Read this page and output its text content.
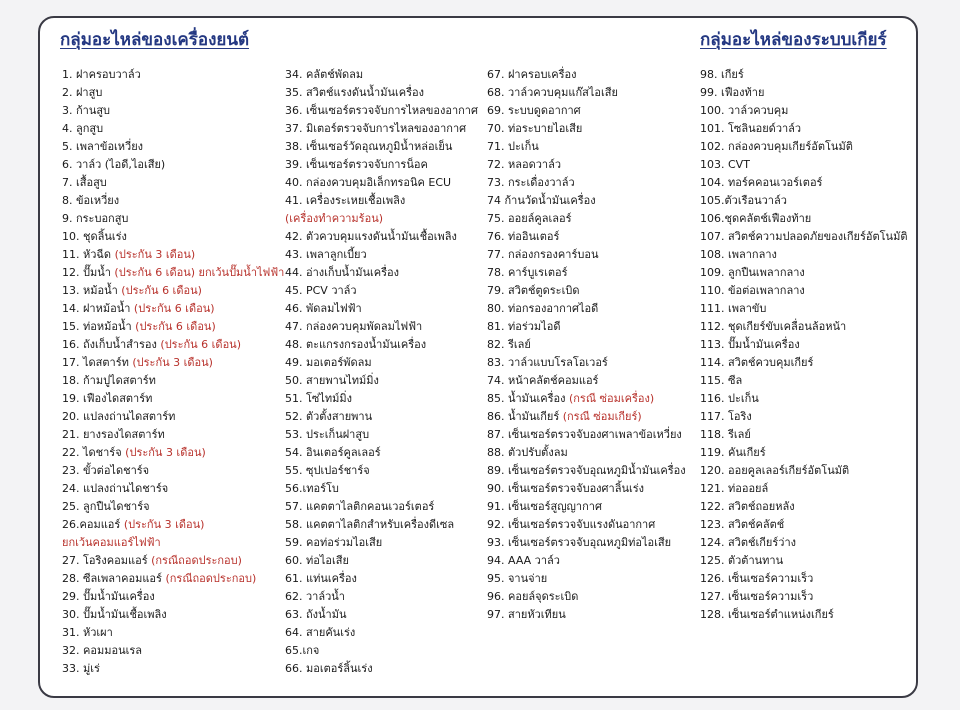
กลุ่มอะไหล่ของเครื่องยนต์	กลุ่มอะไหล่ของระบบเกียร์
1. ฝาครอบวาล์ว
2. ฝาสูบ
3. ก้านสูบ
4. ลูกสูบ
5. เพลาข้อเหวี่ยง
6. วาล์ว (ไอดี,ไอเสีย)
7. เสื้อสูบ
8. ข้อเหวี่ยง
9. กระบอกสูบ
10. ชุดลิ้นเร่ง
11. หัวฉีด (ประกัน 3 เดือน)
12. ปั๊มน้ำ (ประกัน 6 เดือน) ยกเว้นปั๊มน้ำไฟฟ้า
13. หม้อน้ำ (ประกัน 6 เดือน)
14. ฝาหม้อน้ำ (ประกัน 6 เดือน)
15. ท่อหม้อน้ำ (ประกัน 6 เดือน)
16. ถังเก็บน้ำสำรอง (ประกัน 6 เดือน)
17. ไดสตาร์ท (ประกัน 3 เดือน)
18. ก้ามปูไดสตาร์ท
19. เฟืองไดสตาร์ท
20. แปลงถ่านไดสตาร์ท
21. ยางรองไดสตาร์ท
22. ไดชาร์จ (ประกัน 3 เดือน)
23. ขั้วต่อไดชาร์จ
24. แปลงถ่านไดชาร์จ
25. ลูกปืนไดชาร์จ
26.คอมแอร์ (ประกัน 3 เดือน)
ยกเว้นคอมแอร์ไฟฟ้า
27. โอริงคอมแอร์ (กรณีถอดประกอบ)
28. ซีลเพลาคอมแอร์ (กรณีถอดประกอบ)
29. ปั๊มน้ำมันเครื่อง
30. ปั๊มน้ำมันเชื้อเพลิง
31. หัวเผา
32. คอมมอนเรล
33. มู่เร่
34. คลัตช์พัดลม
35. สวิตช์แรงดันน้ำมันเครื่อง
36. เซ็นเซอร์ตรวจจับการไหลของอากาศ
37. มิเตอร์ตรวจจับการไหลของอากาศ
38. เซ็นเซอร์วัดอุณหภูมิน้ำหล่อเย็น
39. เซ็นเซอร์ตรวจจับการน็อค
40. กล่องควบคุมอิเล็กทรอนิค ECU
41. เครื่องระเหยเชื้อเพลิง
(เครื่องทำความร้อน)
42. ตัวควบคุมแรงดันน้ำมันเชื้อเพลิง
43. เพลาลูกเบี้ยว
44. อ่างเก็บน้ำมันเครื่อง
45. PCV วาล์ว
46. พัดลมไฟฟ้า
47. กล่องควบคุมพัดลมไฟฟ้า
48. ตะแกรงกรองน้ำมันเครื่อง
49. มอเตอร์พัดลม
50. สายพานไทม์มิ่ง
51. โซ่ไทม์มิ่ง
52. ตัวตั้งสายพาน
53. ประเก็นฝาสูบ
54. อินเตอร์คูลเลอร์
55. ซุปเปอร์ชาร์จ
56.เทอร์โบ
57. แคตตาไลติกคอนเวอร์เตอร์
58. แคตตาไลติกสำหรับเครื่องดีเซล
59. คอท่อร่วมไอเสีย
60. ท่อไอเสีย
61. แท่นเครื่อง
62. วาล์วน้ำ
63. ถังน้ำมัน
64. สายคันเร่ง
65.เกจ
66. มอเตอร์ลิ้นเร่ง
67. ฝาครอบเครื่อง
68. วาล์วควบคุมแก๊สไอเสีย
69. ระบบดูดอากาศ
70. ท่อระบายไอเสีย
71. ปะเก็น
72. หลอดวาล์ว
73. กระเดื่องวาล์ว
74 ก้านวัดน้ำมันเครื่อง
75. ออยล์คูลเลอร์
76. ท่ออินเตอร์
77. กล่องกรองคาร์บอน
78. คาร์บูเรเตอร์
79. สวิตช์ตูดระเบิด
80. ท่อกรองอากาศไอดี
81. ท่อร่วมไอดี
82. รีเลย์
83. วาล์วแบบโรลโอเวอร์
74. หน้าคลัตช์คอมแอร์
85. น้ำมันเครื่อง (กรณี ซ่อมเครื่อง)
86. น้ำมันเกียร์ (กรณี ซ่อมเกียร์)
87. เซ็นเซอร์ตรวจจับองศาเพลาข้อเหวี่ยง
88. ตัวปรับตั้งลม
89. เซ็นเซอร์ตรวจจับอุณหภูมิน้ำมันเครื่อง
90. เซ็นเซอร์ตรวจจับองศาลิ้นเร่ง
91. เซ็นเซอร์สูญญากาศ
92. เซ็นเซอร์ตรวจจับแรงดันอากาศ
93. เซ็นเซอร์ตรวจจับอุณหภูมิท่อไอเสีย
94. AAA วาล์ว
95. จานจ่าย
96. คอยล์จุดระเบิด
97. สายหัวเทียน
98. เกียร์
99. เฟืองท้าย
100. วาล์วควบคุม
101. โซลินอยด์วาล์ว
102. กล่องควบคุมเกียร์อัตโนมัติ
103. CVT
104. ทอร์คคอนเวอร์เตอร์
105.ตัวเรือนวาล์ว
106.ชุดคลัตช์เฟืองท้าย
107. สวิตช์ความปลอดภัยของเกียร์อัตโนมัติ
108. เพลากลาง
109. ลูกปืนเพลากลาง
110. ข้อต่อเพลากลาง
111. เพลาขับ
112. ชุดเกียร์ขับเคลื่อนล้อหน้า
113. ปั๊มน้ำมันเครื่อง
114. สวิตช์ควบคุมเกียร์
115. ซีล
116. ปะเก็น
117. โอริง
118. รีเลย์
119. คันเกียร์
120. ออยคูลเลอร์เกียร์อัตโนมัติ
121. ท่อออยล์
122. สวิตช์ถอยหลัง
123. สวิตช์คลัตช์
124. สวิตช์เกียร์ว่าง
125. ตัวต้านทาน
126. เซ็นเซอร์ความเร็ว
127. เซ็นเซอร์ความเร็ว
128. เซ็นเซอร์ตำแหน่งเกียร์
